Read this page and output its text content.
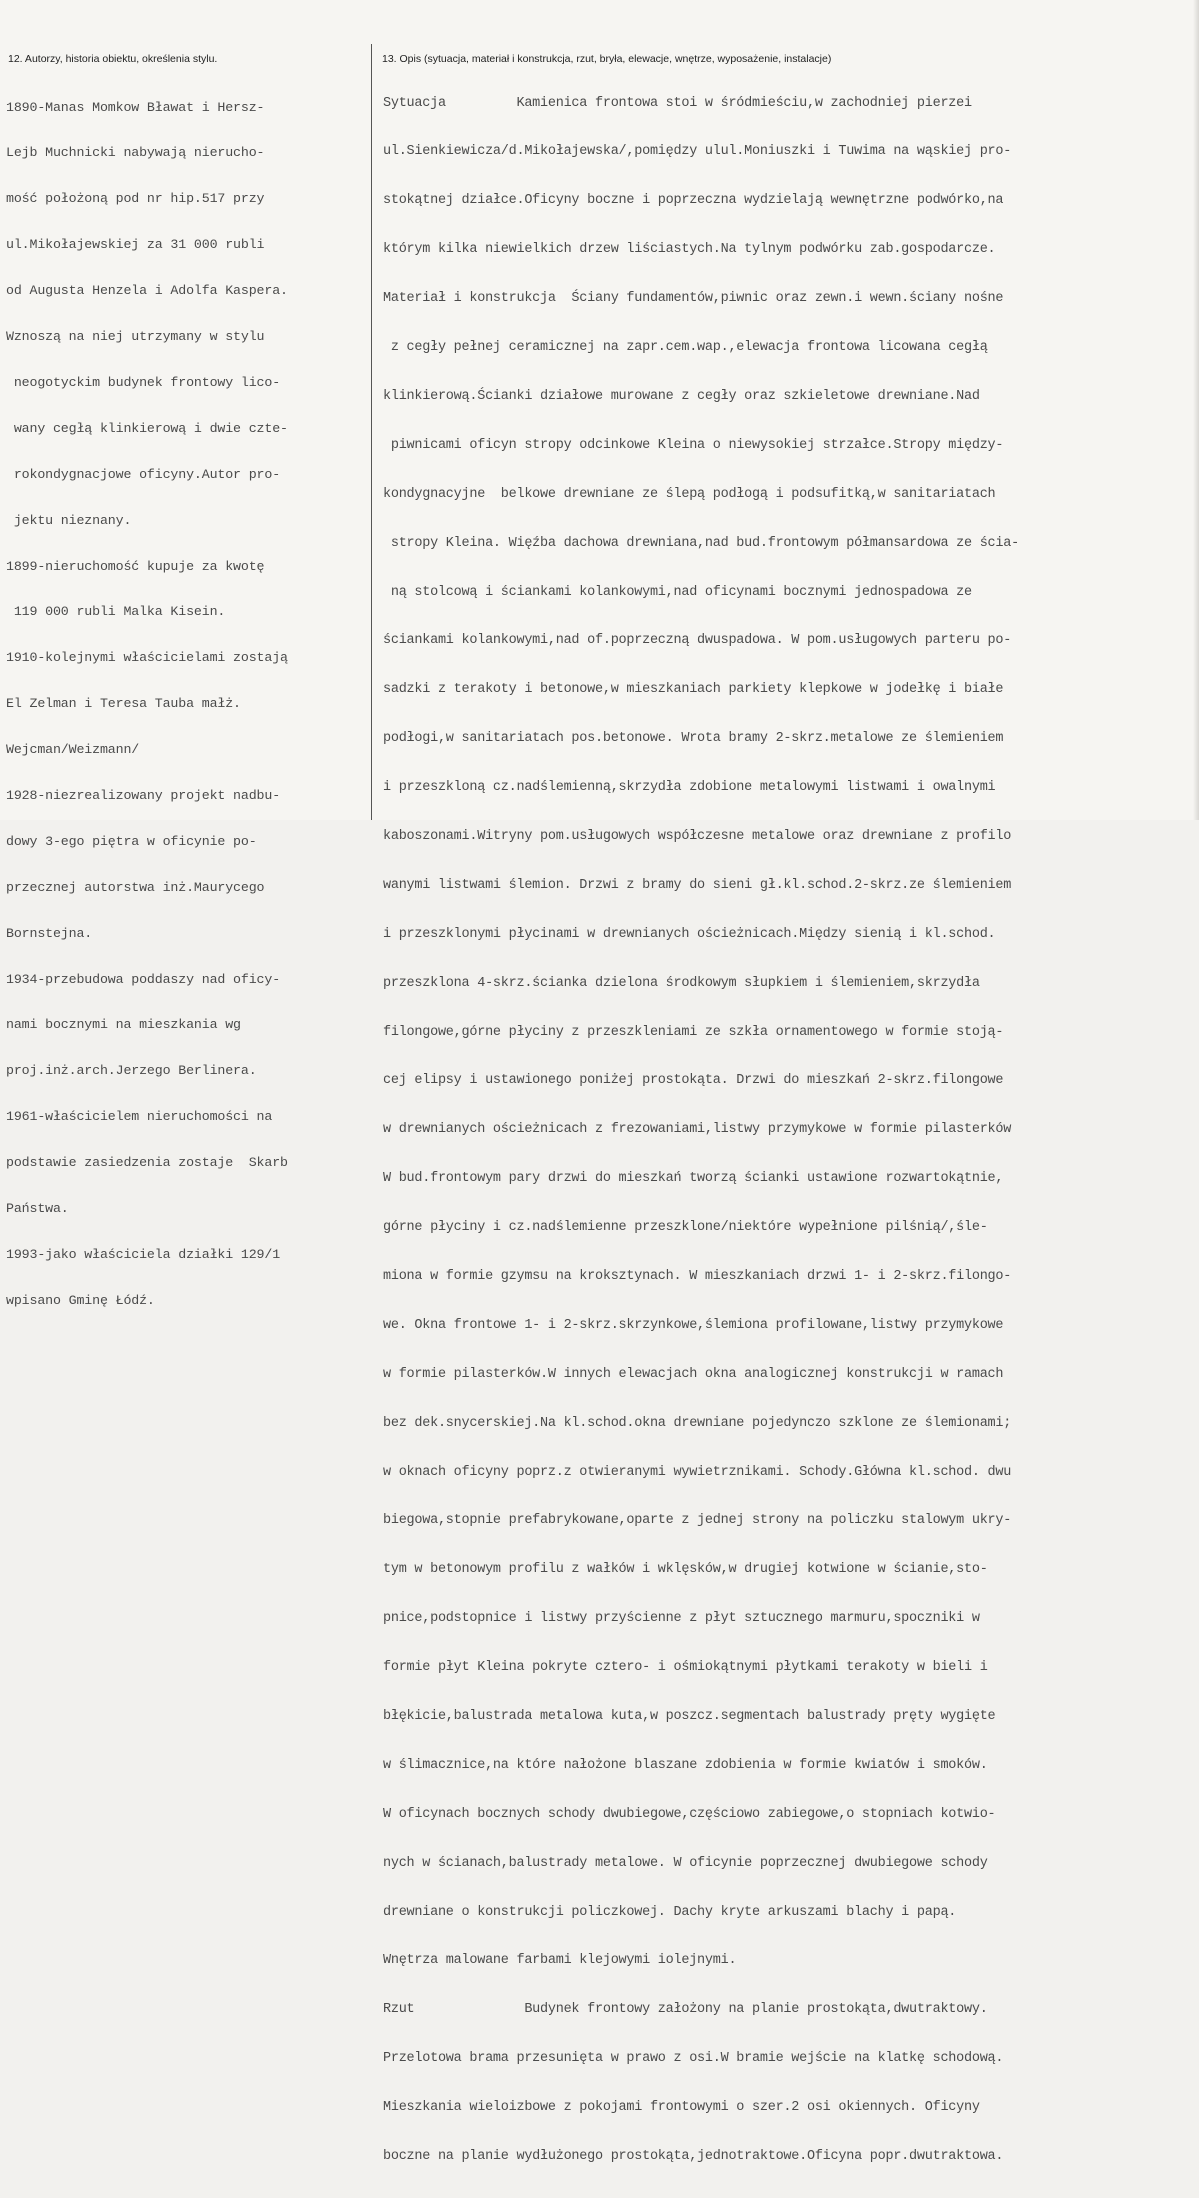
12. Autorzy, historia obiektu, określenia stylu.

1890-Manas Momkow Bławat i Hersz-

Lejb Muchnicki nabywają nierucho-

mość położoną pod nr hip.517 przy

ul.Mikołajewskiej za 31 000 rubli

od Augusta Henzela i Adolfa Kaspera.

Wznoszą na niej utrzymany w stylu

neogotyckim budynek frontowy lico-

wany cegłą klinkierową i dwie czte-

rokondygnacjowe oficyny.Autor pro-

jektu nieznany.

1899-nieruchomość kupuje za kwotę

119 000 rubli Malka Kisein.

1910-kolejnymi właścicielami zostają

El Zelman i Teresa Tauba małż.

Wejcman/Weizmann/

1928-niezrealizowany projekt nadbu-

dowy 3-ego piętra w oficynie po-

przecznej autorstwa inż.Maurycego

Bornstejna.

1934-przebudowa poddaszy nad oficy-

nami bocznymi na mieszkania wg

proj.inż.arch.Jerzego Berlinera.

1961-właścicielem nieruchomości na

podstawie zasiedzenia zostaje  Skarb

Państwa.

1993-jako właściciela działki 129/1

wpisano Gminę Łódź.

13. Opis (sytuacja, materiał i konstrukcja, rzut, bryła, elewacje, wnętrze, wyposażenie, instalacje)

Sytuacja         Kamienica frontowa stoi w śródmieściu,w zachodniej pierzei

ul.Sienkiewicza/d.Mikołajewska/,pomiędzy ulul.Moniuszki i Tuwima na wąskiej pro-

stokątnej działce.Oficyny boczne i poprzeczna wydzielają wewnętrzne podwórko,na

którym kilka niewielkich drzew liściastych.Na tylnym podwórku zab.gospodarcze.

Materiał i konstrukcja  Ściany fundamentów,piwnic oraz zewn.i wewn.ściany nośne

z cegły pełnej ceramicznej na zapr.cem.wap.,elewacja frontowa licowana cegłą

klinkierową.Ścianki działowe murowane z cegły oraz szkieletowe drewniane.Nad

piwnicami oficyn stropy odcinkowe Kleina o niewysokiej strzałce.Stropy między-

kondygnacyjne  belkowe drewniane ze ślepą podłogą i podsufitką,w sanitariatach

stropy Kleina. Więźba dachowa drewniana,nad bud.frontowym półmansardowa ze ścia-

ną stolcową i ściankami kolankowymi,nad oficynami bocznymi jednospadowa ze

ściankami kolankowymi,nad of.poprzeczną dwuspadowa. W pom.usługowych parteru po-

sadzki z terakoty i betonowe,w mieszkaniach parkiety klepkowe w jodełkę i białe

podłogi,w sanitariatach pos.betonowe. Wrota bramy 2-skrz.metalowe ze ślemieniem

i przeszkloną cz.nadślemienną,skrzydła zdobione metalowymi listwami i owalnymi

kaboszonami.Witryny pom.usługowych współczesne metalowe oraz drewniane z profilo

wanymi listwami ślemion. Drzwi z bramy do sieni gł.kl.schod.2-skrz.ze ślemieniem

i przeszklonymi płycinami w drewnianych ościeżnicach.Między sienią i kl.schod.

przeszklona 4-skrz.ścianka dzielona środkowym słupkiem i ślemieniem,skrzydła

filongowe,górne płyciny z przeszkleniami ze szkła ornamentowego w formie stoją-

cej elipsy i ustawionego poniżej prostokąta. Drzwi do mieszkań 2-skrz.filongowe

w drewnianych ościeżnicach z frezowaniami,listwy przymykowe w formie pilasterków

W bud.frontowym pary drzwi do mieszkań tworzą ścianki ustawione rozwartokątnie,

górne płyciny i cz.nadślemienne przeszklone/niektóre wypełnione pilśnią/,śle-

miona w formie gzymsu na kroksztynach. W mieszkaniach drzwi 1- i 2-skrz.filongo-

we. Okna frontowe 1- i 2-skrz.skrzynkowe,ślemiona profilowane,listwy przymykowe

w formie pilasterków.W innych elewacjach okna analogicznej konstrukcji w ramach

bez dek.snycerskiej.Na kl.schod.okna drewniane pojedynczo szklone ze ślemionami;

w oknach oficyny poprz.z otwieranymi wywietrznikami. Schody.Główna kl.schod. dwu

biegowa,stopnie prefabrykowane,oparte z jednej strony na policzku stalowym ukry-

tym w betonowym profilu z wałków i wklęsków,w drugiej kotwione w ścianie,sto-

pnice,podstopnice i listwy przyścienne z płyt sztucznego marmuru,spoczniki w

formie płyt Kleina pokryte cztero- i ośmiokątnymi płytkami terakoty w bieli i

błękicie,balustrada metalowa kuta,w poszcz.segmentach balustrady pręty wygięte

w ślimacznice,na które nałożone blaszane zdobienia w formie kwiatów i smoków.

W oficynach bocznych schody dwubiegowe,częściowo zabiegowe,o stopniach kotwio-

nych w ścianach,balustrady metalowe. W oficynie poprzecznej dwubiegowe schody

drewniane o konstrukcji policzkowej. Dachy kryte arkuszami blachy i papą.

Wnętrza malowane farbami klejowymi iolejnymi.

Rzut              Budynek frontowy założony na planie prostokąta,dwutraktowy.

Przelotowa brama przesunięta w prawo z osi.W bramie wejście na klatkę schodową.

Mieszkania wieloizbowe z pokojami frontowymi o szer.2 osi okiennych. Oficyny

boczne na planie wydłużonego prostokąta,jednotraktowe.Oficyna popr.dwutraktowa.
